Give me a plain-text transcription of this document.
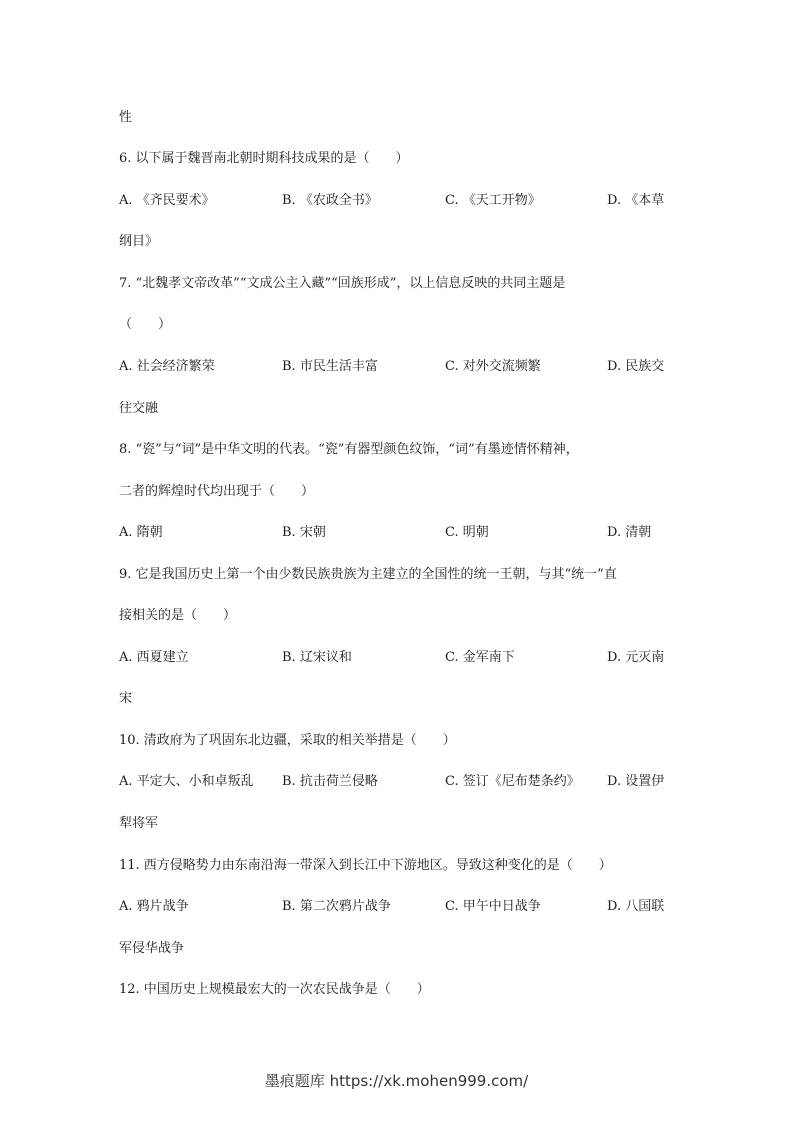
性
6. 以下属于魏晋南北朝时期科技成果的是（　　）
A. 《齐民要术》	B. 《农政全书》	C. 《天工开物》	D. 《本草
纲目》
7. “北魏孝文帝改革”“文成公主入藏”“回族形成”，以上信息反映的共同主题是
（　　）
A. 社会经济繁荣	B. 市民生活丰富	C. 对外交流频繁	D. 民族交
往交融
8. “瓷”与“词”是中华文明的代表。“瓷”有器型颜色纹饰，“词”有墨迹情怀精神，
二者的辉煌时代均出现于（　　）
A. 隋朝	B. 宋朝	C. 明朝	D. 清朝
9. 它是我国历史上第一个由少数民族贵族为主建立的全国性的统一王朝，与其“统一”直
接相关的是（　　）
A. 西夏建立	B. 辽宋议和	C. 金军南下	D. 元灭南
宋
10. 清政府为了巩固东北边疆，采取的相关举措是（　　）
A. 平定大、小和卓叛乱 B. 抗击荷兰侵略	C. 签订《尼布楚条约》 D. 设置伊
犁将军
11. 西方侵略势力由东南沿海一带深入到长江中下游地区。导致这种变化的是（　　）
A. 鸦片战争	B. 第二次鸦片战争	C. 甲午中日战争	D. 八国联
军侵华战争
12. 中国历史上规模最宏大的一次农民战争是（　　）
墨痕题库 https://xk.mohen999.com/
